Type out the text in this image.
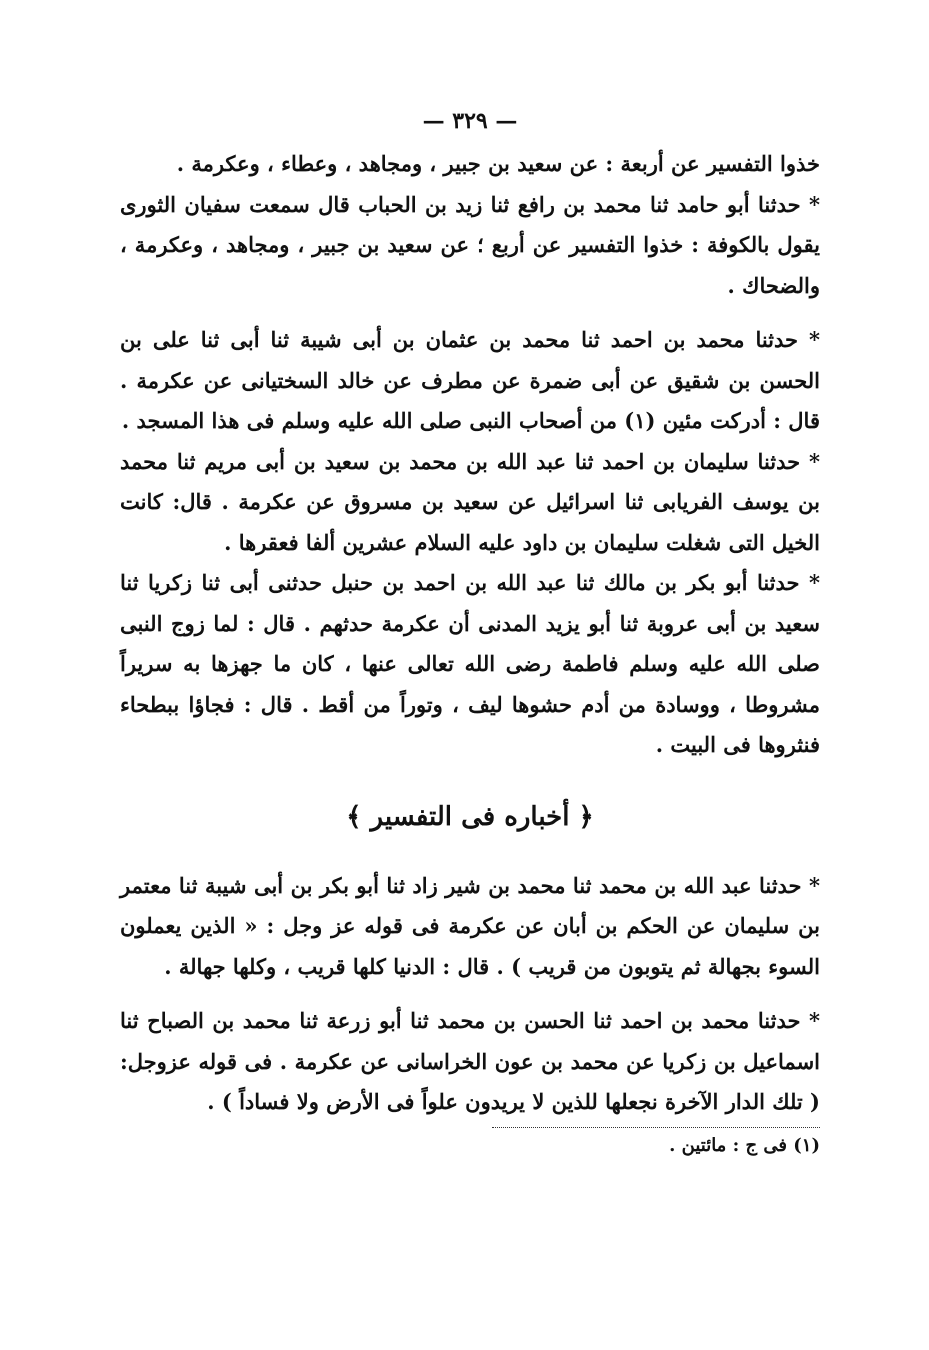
— ٣٢٩ —

خذوا التفسير عن أربعة : عن سعيد بن جبير ، ومجاهد ، وعطاء ، وعكرمة .

* حدثنا أبو حامد ثنا محمد بن رافع ثنا زيد بن الحباب قال سمعت سفيان الثورى يقول بالكوفة : خذوا التفسير عن أربع ؛ عن سعيد بن جبير ، ومجاهد ، وعكرمة ، والضحاك .

* حدثنا محمد بن احمد ثنا محمد بن عثمان بن أبى شيبة ثنا أبى ثنا على بن الحسن بن شقيق عن أبى ضمرة عن مطرف عن خالد السختيانى عن عكرمة . قال : أدركت مئين (١) من أصحاب النبى صلى الله عليه وسلم فى هذا المسجد .

* حدثنا سليمان بن احمد ثنا عبد الله بن محمد بن سعيد بن أبى مريم ثنا محمد بن يوسف الفريابى ثنا اسرائيل عن سعيد بن مسروق عن عكرمة . قال: كانت الخيل التى شغلت سليمان بن داود عليه السلام عشرين ألفا فعقرها .

* حدثنا أبو بكر بن مالك ثنا عبد الله بن احمد بن حنبل حدثنى أبى ثنا زكريا ثنا سعيد بن أبى عروبة ثنا أبو يزيد المدنى أن عكرمة حدثهم . قال : لما زوج النبى صلى الله عليه وسلم فاطمة رضى الله تعالى عنها ، كان ما جهزها به سريراً مشروطا ، ووسادة من أدم حشوها ليف ، وتوراً من أقط . قال : فجاؤا ببطحاء فنثروها فى البيت .

﴿ أخباره فى التفسير ﴾

* حدثنا عبد الله بن محمد ثنا محمد بن شير زاد ثنا أبو بكر بن أبى شيبة ثنا معتمر بن سليمان عن الحكم بن أبان عن عكرمة فى قوله عز وجل : « الذين يعملون السوء بجهالة ثم يتوبون من قريب ) . قال : الدنيا كلها قريب ، وكلها جهالة .

* حدثنا محمد بن احمد ثنا الحسن بن محمد ثنا أبو زرعة ثنا محمد بن الصباح ثنا اسماعيل بن زكريا عن محمد بن عون الخراسانى عن عكرمة . فى قوله عزوجل: ( تلك الدار الآخرة نجعلها للذين لا يريدون علواً فى الأرض ولا فساداً ) .

(١) فى ج : مائتين .
